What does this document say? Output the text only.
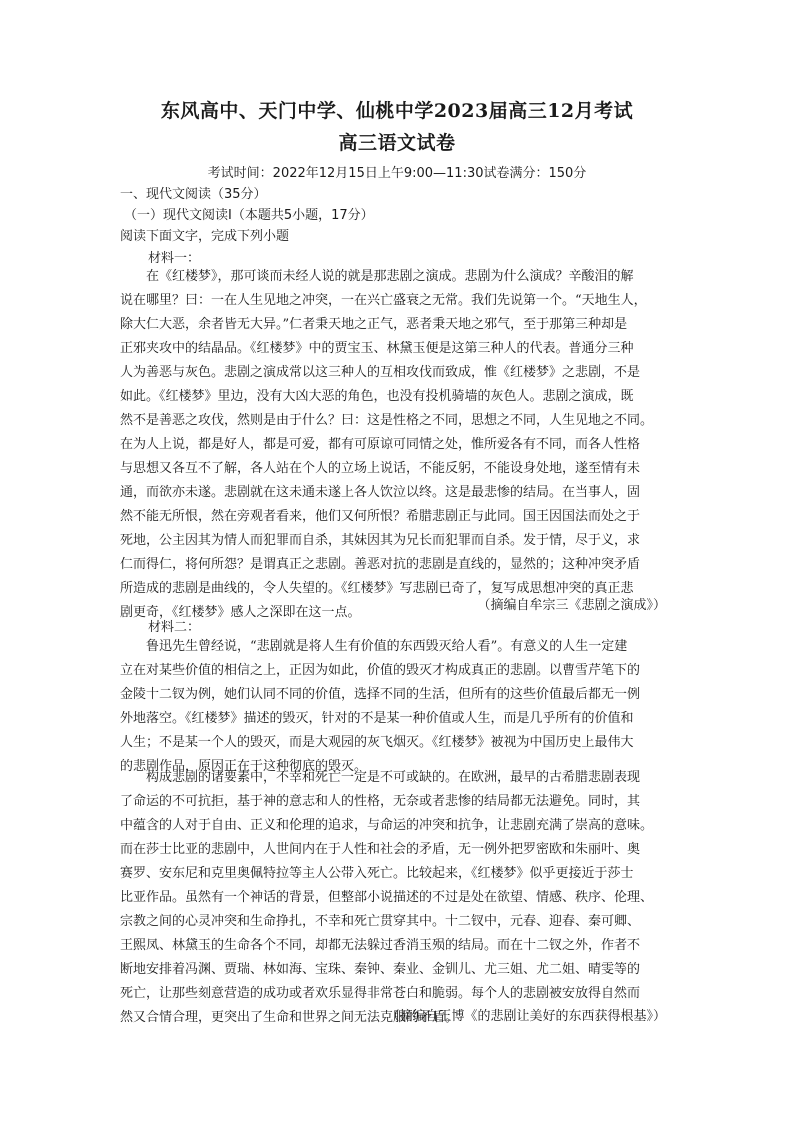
东风高中、天门中学、仙桃中学2023届高三12月考试
高三语文试卷
考试时间：2022年12月15日上午9:00—11:30试卷满分：150分
一、现代文阅读（35分）
（一）现代文阅读Ⅰ（本题共5小题，17分）
阅读下面文字，完成下列小题
材料一：
　　在《红楼梦》，那可谈而未经人说的就是那悲剧之演成。悲剧为什么演成？辛酸泪的解
说在哪里？曰：一在人生见地之冲突，一在兴亡盛衰之无常。我们先说第一个。“天地生人，
除大仁大恶，余者皆无大异。”仁者秉天地之正气，恶者秉天地之邪气，至于那第三种却是
正邪夹攻中的结晶品。《红楼梦》中的贾宝玉、林黛玉便是这第三种人的代表。普通分三种
人为善恶与灰色。悲剧之演成常以这三种人的互相攻伐而致成，惟《红楼梦》之悲剧，不是
如此。《红楼梦》里边，没有大凶大恶的角色，也没有投机骑墙的灰色人。悲剧之演成，既
然不是善恶之攻伐，然则是由于什么？曰：这是性格之不同，思想之不同，人生见地之不同。
在为人上说，都是好人，都是可爱，都有可原谅可同情之处，惟所爱各有不同，而各人性格
与思想又各互不了解，各人站在个人的立场上说话，不能反躬，不能设身处地，遂至情有未
通，而欲亦未遂。悲剧就在这未通未遂上各人饮泣以终。这是最悲惨的结局。在当事人，固
然不能无所恨，然在旁观者看来，他们又何所恨？希腊悲剧正与此同。国王因国法而处之于
死地，公主因其为情人而犯罪而自杀，其妹因其为兄长而犯罪而自杀。发于情，尽于义，求
仁而得仁，将何所怨？是谓真正之悲剧。善恶对抗的悲剧是直线的，显然的；这种冲突矛盾
所造成的悲剧是曲线的，令人失望的。《红楼梦》写悲剧已奇了，复写成思想冲突的真正悲
剧更奇，《红楼梦》感人之深即在这一点。	（摘编自牟宗三《悲剧之演成》）
材料二：
　　鲁迅先生曾经说，“悲剧就是将人生有价值的东西毁灭给人看”。有意义的人生一定建
立在对某些价值的相信之上，正因为如此，价值的毁灭才构成真正的悲剧。以曹雪芹笔下的
金陵十二钗为例，她们认同不同的价值，选择不同的生活，但所有的这些价值最后都无一例
外地落空。《红楼梦》描述的毁灭，针对的不是某一种价值或人生，而是几乎所有的价值和
人生；不是某一个人的毁灭，而是大观园的灰飞烟灭。《红楼梦》被视为中国历史上最伟大
的悲剧作品，原因正在于这种彻底的毁灭。
　　构成悲剧的诸要素中，不幸和死亡一定是不可或缺的。在欧洲，最早的古希腊悲剧表现
了命运的不可抗拒，基于神的意志和人的性格，无奈或者悲惨的结局都无法避免。同时，其
中蕴含的人对于自由、正义和伦理的追求，与命运的冲突和抗争，让悲剧充满了崇高的意味。
而在莎士比亚的悲剧中，人世间内在于人性和社会的矛盾，无一例外把罗密欧和朱丽叶、奥
赛罗、安东尼和克里奥佩特拉等主人公带入死亡。比较起来，《红楼梦》似乎更接近于莎士
比亚作品。虽然有一个神话的背景，但整部小说描述的不过是处在欲望、情感、秩序、伦理、
宗教之间的心灵冲突和生命挣扎，不幸和死亡贯穿其中。十二钗中，元春、迎春、秦可卿、
王熙凤、林黛玉的生命各个不同，却都无法躲过香消玉殒的结局。而在十二钗之外，作者不
断地安排着冯渊、贾瑞、林如海、宝珠、秦钟、秦业、金钏儿、尤三姐、尤二姐、晴雯等的
死亡，让那些刻意营造的成功或者欢乐显得非常苍白和脆弱。每个人的悲剧被安放得自然而
然又合情合理，更突出了生命和世界之间无法克服的矛盾。
（摘编自王博《的悲剧让美好的东西获得根基》）
